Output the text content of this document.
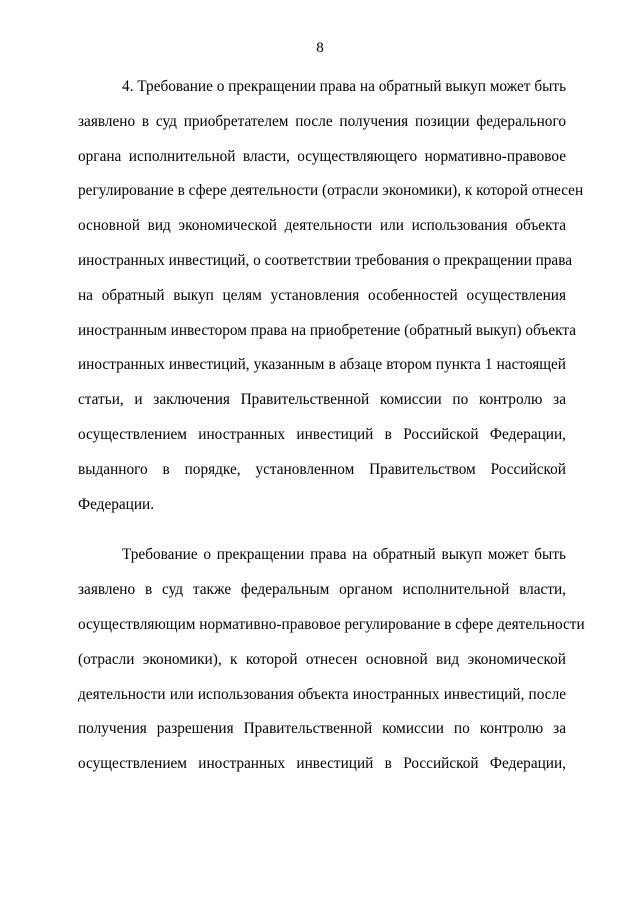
8
4. Требование о прекращении права на обратный выкуп может быть
заявлено в суд приобретателем после получения позиции федерального
органа исполнительной власти, осуществляющего нормативно-правовое
регулирование в сфере деятельности (отрасли экономики), к которой отнесен
основной вид экономической деятельности или использования объекта
иностранных инвестиций, о соответствии требования о прекращении права
на обратный выкуп целям установления особенностей осуществления
иностранным инвестором права на приобретение (обратный выкуп) объекта
иностранных инвестиций, указанным в абзаце втором пункта 1 настоящей
статьи, и заключения Правительственной комиссии по контролю за
осуществлением иностранных инвестиций в Российской Федерации,
выданного в порядке, установленном Правительством Российской
Федерации.
Требование о прекращении права на обратный выкуп может быть
заявлено в суд также федеральным органом исполнительной власти,
осуществляющим нормативно-правовое регулирование в сфере деятельности
(отрасли экономики), к которой отнесен основной вид экономической
деятельности или использования объекта иностранных инвестиций, после
получения разрешения Правительственной комиссии по контролю за
осуществлением иностранных инвестиций в Российской Федерации,
